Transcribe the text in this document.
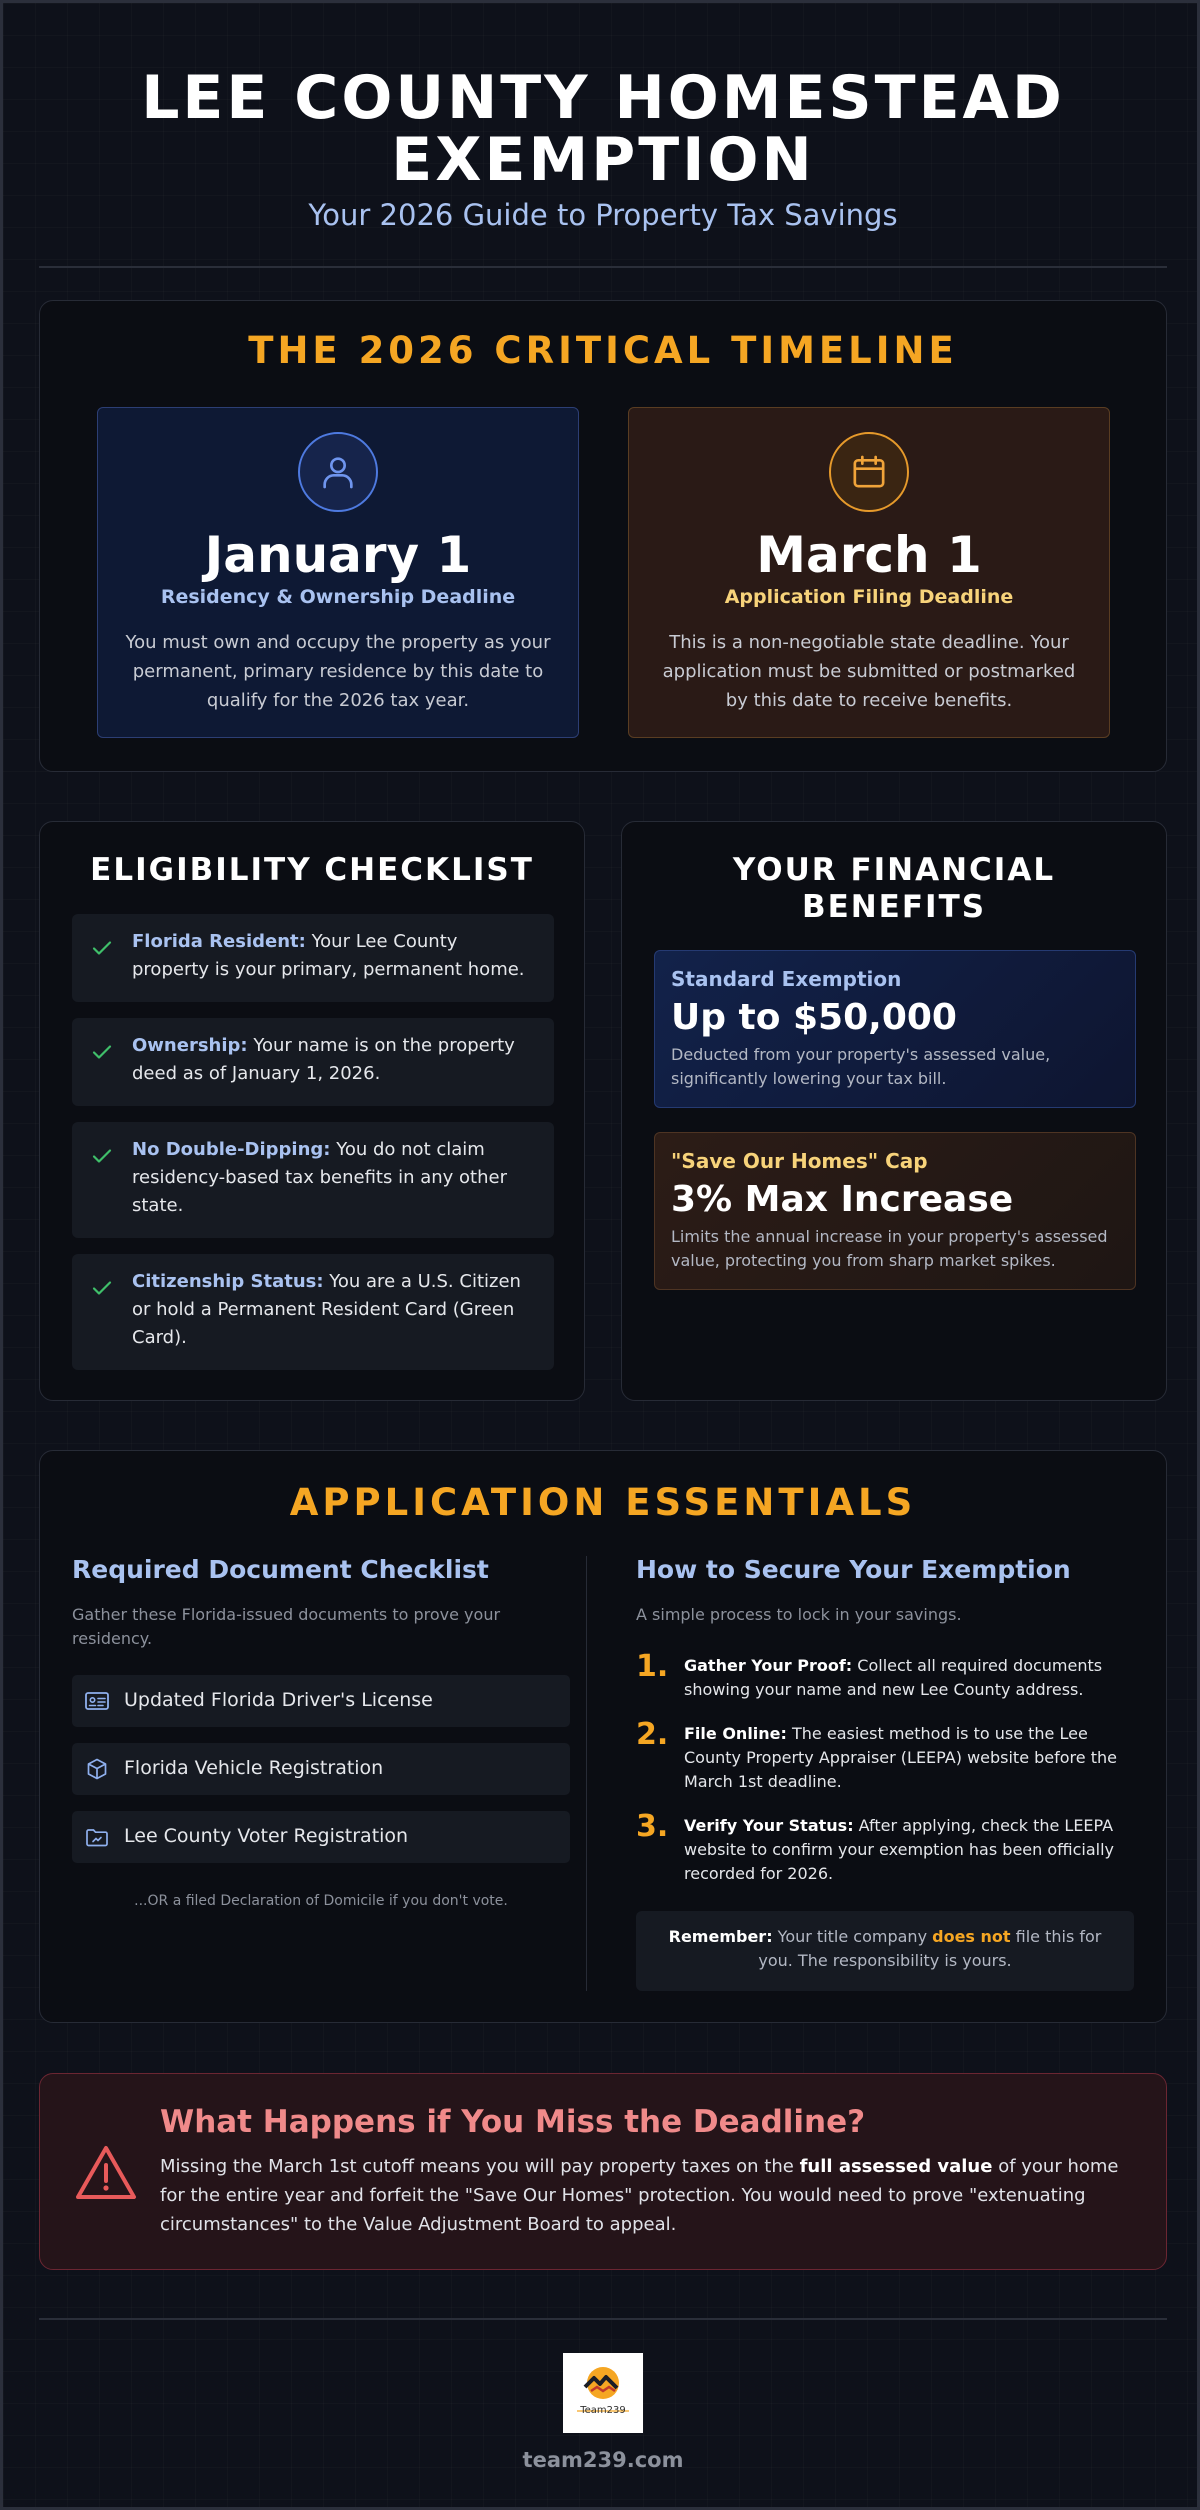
LEE COUNTY HOMESTEAD
EXEMPTION
Your 2026 Guide to Property Tax Savings
THE 2026 CRITICAL TIMELINE
January 1
Residency & Ownership Deadline
You must own and occupy the property as your permanent, primary residence by this date to qualify for the 2026 tax year.
March 1
Application Filing Deadline
This is a non-negotiable state deadline. Your application must be submitted or postmarked by this date to receive benefits.
ELIGIBILITY CHECKLIST
Florida Resident: Your Lee County property is your primary, permanent home.
Ownership: Your name is on the property deed as of January 1, 2026.
No Double-Dipping: You do not claim residency-based tax benefits in any other state.
Citizenship Status: You are a U.S. Citizen or hold a Permanent Resident Card (Green Card).
YOUR FINANCIAL
BENEFITS
Standard Exemption
Up to $50,000
Deducted from your property's assessed value, significantly lowering your tax bill.
"Save Our Homes" Cap
3% Max Increase
Limits the annual increase in your property's assessed value, protecting you from sharp market spikes.
APPLICATION ESSENTIALS
Required Document Checklist
Gather these Florida-issued documents to prove your residency.
Updated Florida Driver's License
Florida Vehicle Registration
Lee County Voter Registration
...OR a filed Declaration of Domicile if you don't vote.
How to Secure Your Exemption
A simple process to lock in your savings.
1. Gather Your Proof: Collect all required documents showing your name and new Lee County address.
2. File Online: The easiest method is to use the Lee County Property Appraiser (LEEPA) website before the March 1st deadline.
3. Verify Your Status: After applying, check the LEEPA website to confirm your exemption has been officially recorded for 2026.
Remember: Your title company does not file this for you. The responsibility is yours.
What Happens if You Miss the Deadline?

Missing the March 1st cutoff means you will pay property taxes on the full assessed value of your home for the entire year and forfeit the "Save Our Homes" protection. You would need to prove "extenuating circumstances" to the Value Adjustment Board to appeal.

Team239
team239.com
